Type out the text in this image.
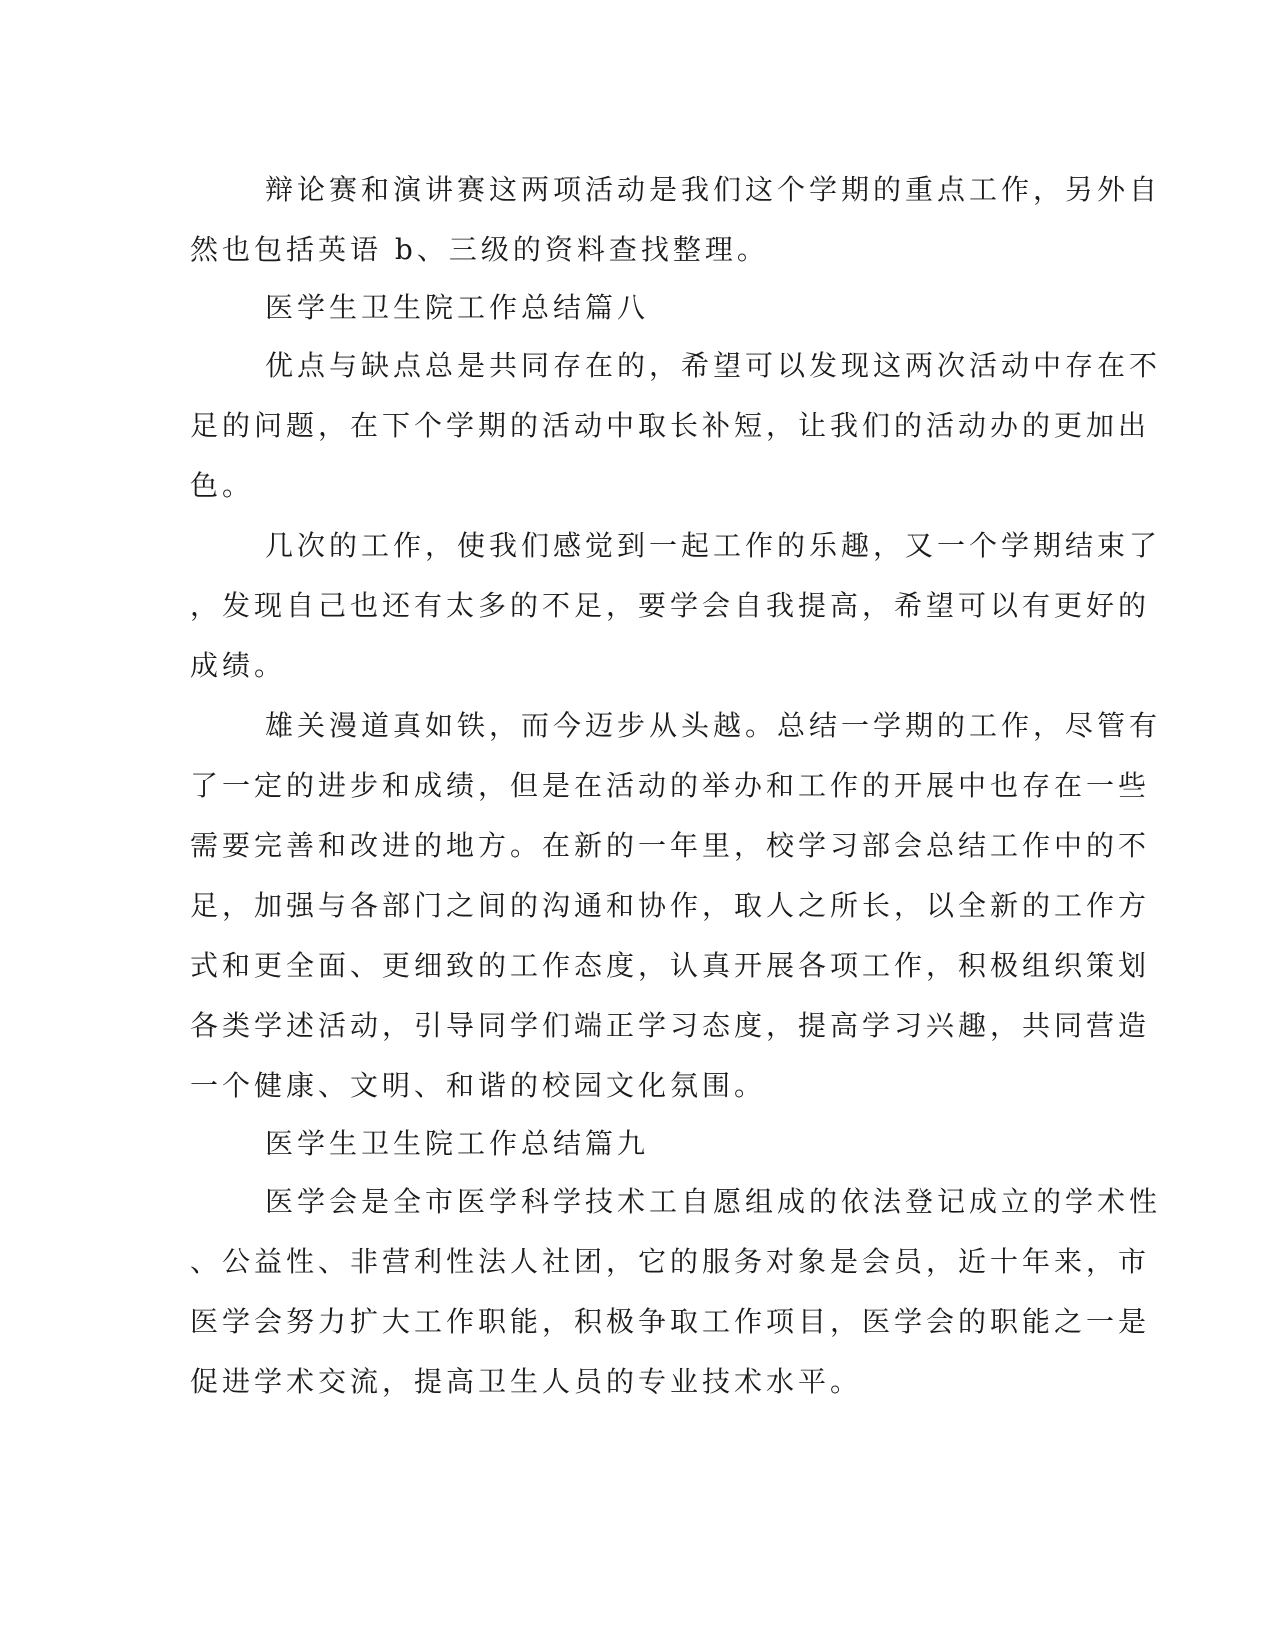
辩论赛和演讲赛这两项活动是我们这个学期的重点工作，另外自
然也包括英语 b、三级的资料查找整理。
医学生卫生院工作总结篇八
优点与缺点总是共同存在的，希望可以发现这两次活动中存在不
足的问题，在下个学期的活动中取长补短，让我们的活动办的更加出
色。
几次的工作，使我们感觉到一起工作的乐趣，又一个学期结束了
，发现自己也还有太多的不足，要学会自我提高，希望可以有更好的
成绩。
雄关漫道真如铁，而今迈步从头越。总结一学期的工作，尽管有
了一定的进步和成绩，但是在活动的举办和工作的开展中也存在一些
需要完善和改进的地方。在新的一年里，校学习部会总结工作中的不
足，加强与各部门之间的沟通和协作，取人之所长，以全新的工作方
式和更全面、更细致的工作态度，认真开展各项工作，积极组织策划
各类学述活动，引导同学们端正学习态度，提高学习兴趣，共同营造
一个健康、文明、和谐的校园文化氛围。
医学生卫生院工作总结篇九
医学会是全市医学科学技术工自愿组成的依法登记成立的学术性
、公益性、非营利性法人社团，它的服务对象是会员，近十年来，市
医学会努力扩大工作职能，积极争取工作项目，医学会的职能之一是
促进学术交流，提高卫生人员的专业技术水平。
